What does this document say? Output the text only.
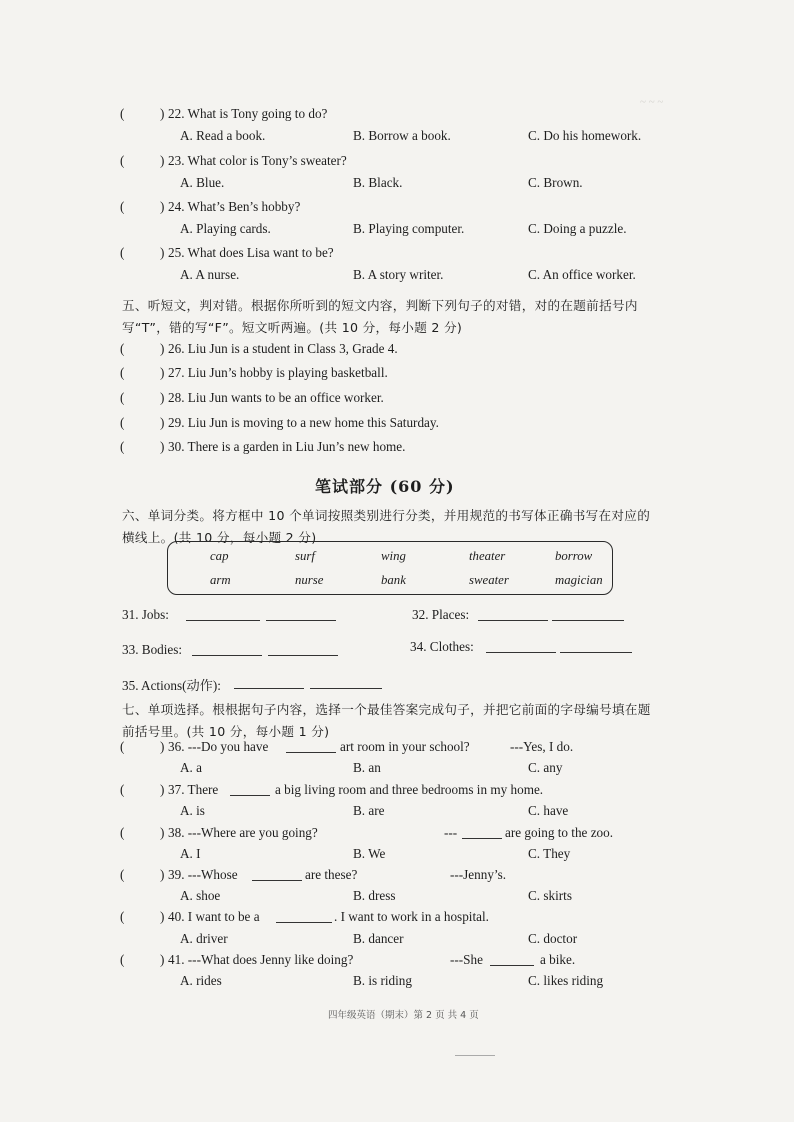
~ ~ ~
(	) 22. What is Tony going to do?
A. Read a book.	B. Borrow a book.	C. Do his homework.
(	) 23. What color is Tony’s sweater?
A. Blue.	B. Black.	C. Brown.
(	) 24. What’s Ben’s hobby?
A. Playing cards.	B. Playing computer.	C. Doing a puzzle.
(	) 25. What does Lisa want to be?
A. A nurse.	B. A story writer.	C. An office worker.
五、听短文，判对错。根据你所听到的短文内容，判断下列句子的对错，对的在题前括号内
写“T”，错的写“F”。短文听两遍。(共 10 分，每小题 2 分)
(	) 26. Liu Jun is a student in Class 3, Grade 4.
(	) 27. Liu Jun’s hobby is playing basketball.
(	) 28. Liu Jun wants to be an office worker.
(	) 29. Liu Jun is moving to a new home this Saturday.
(	) 30. There is a garden in Liu Jun’s new home.
笔试部分 (60 分)
六、单词分类。将方框中 10 个单词按照类别进行分类，并用规范的书写体正确书写在对应的
横线上。(共 10 分，每小题 2 分)
cap	surf	wing	theater	borrow
arm	nurse	bank	sweater	magician
31. Jobs:	32. Places:
33. Bodies:	34. Clothes:
35. Actions(动作):
七、单项选择。根根据句子内容，选择一个最佳答案完成句子，并把它前面的字母编号填在题
前括号里。(共 10 分，每小题 1 分)
(	) 36. ---Do you have	art room in your school?	---Yes, I do.
A. a	B. an	C. any
(	) 37. There	a big living room and three bedrooms in my home.
A. is	B. are	C. have
(	) 38. ---Where are you going?	---	are going to the zoo.
A. I	B. We	C. They
(	) 39. ---Whose	are these?	---Jenny’s.
A. shoe	B. dress	C. skirts
(	) 40. I want to be a	. I want to work in a hospital.
A. driver	B. dancer	C. doctor
(	) 41. ---What does Jenny like doing?	---She	a bike.
A. rides	B. is riding	C. likes riding
四年级英语（期末）第 2 页 共 4 页
